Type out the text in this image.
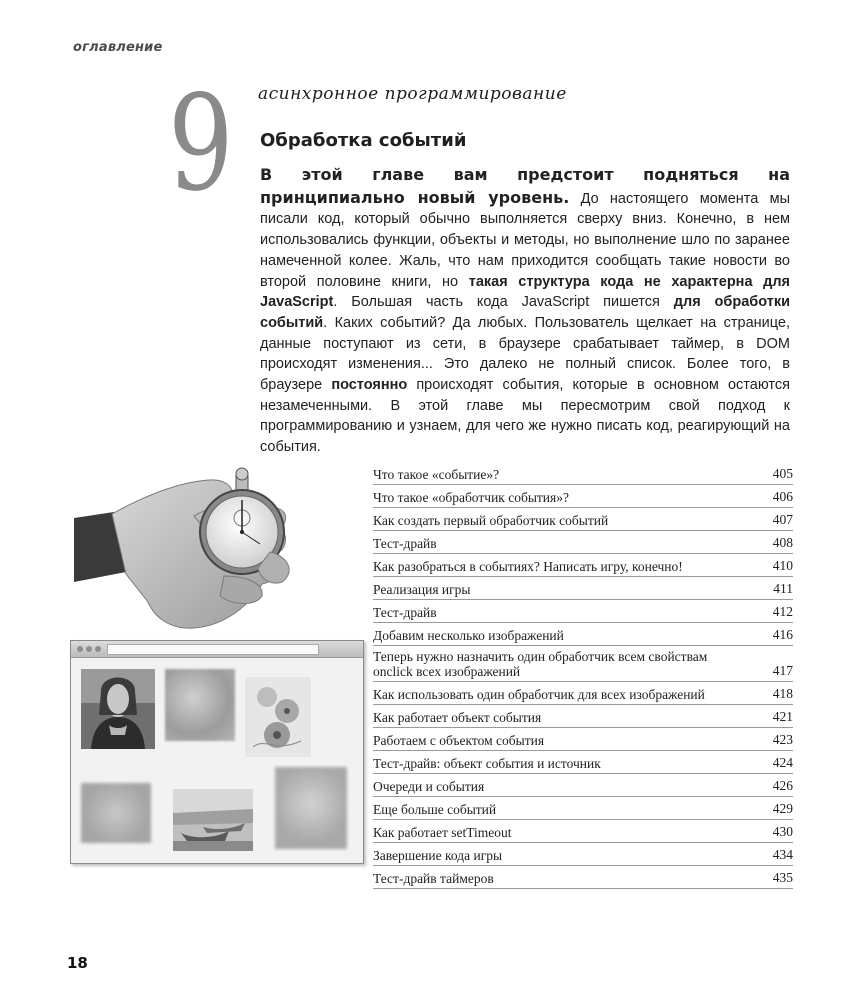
оглавление
9 асинхронное программирование
Обработка событий
В этой главе вам предстоит подняться на принципиально новый уровень. До настоящего момента мы писали код, который обычно выполняется сверху вниз. Конечно, в нем использовались функции, объекты и методы, но выполнение шло по заранее намеченной колее. Жаль, что нам приходится сообщать такие новости во второй половине книги, но такая структура кода не характерна для JavaScript. Большая часть кода JavaScript пишется для обработки событий. Каких событий? Да любых. Пользователь щелкает на странице, данные поступают из сети, в браузере срабатывает таймер, в DOM происходят изменения... Это далеко не полный список. Более того, в браузере постоянно происходят события, которые в основном остаются незамеченными. В этой главе мы пересмотрим свой подход к программированию и узнаем, для чего же нужно писать код, реагирующий на события.
Что такое «событие»?	405
Что такое «обработчик события»?	406
Как создать первый обработчик событий	407
Тест-драйв	408
Как разобраться в событиях? Написать игру, конечно!	410
Реализация игры	411
Тест-драйв	412
Добавим несколько изображений	416
Теперь нужно назначить один обработчик всем свойствам onclick всех изображений	417
Как использовать один обработчик для всех изображений	418
Как работает объект события	421
Работаем с объектом события	423
Тест-драйв: объект события и источник	424
Очереди и события	426
Еще больше событий	429
Как работает setTimeout	430
Завершение кода игры	434
Тест-драйв таймеров	435
18
